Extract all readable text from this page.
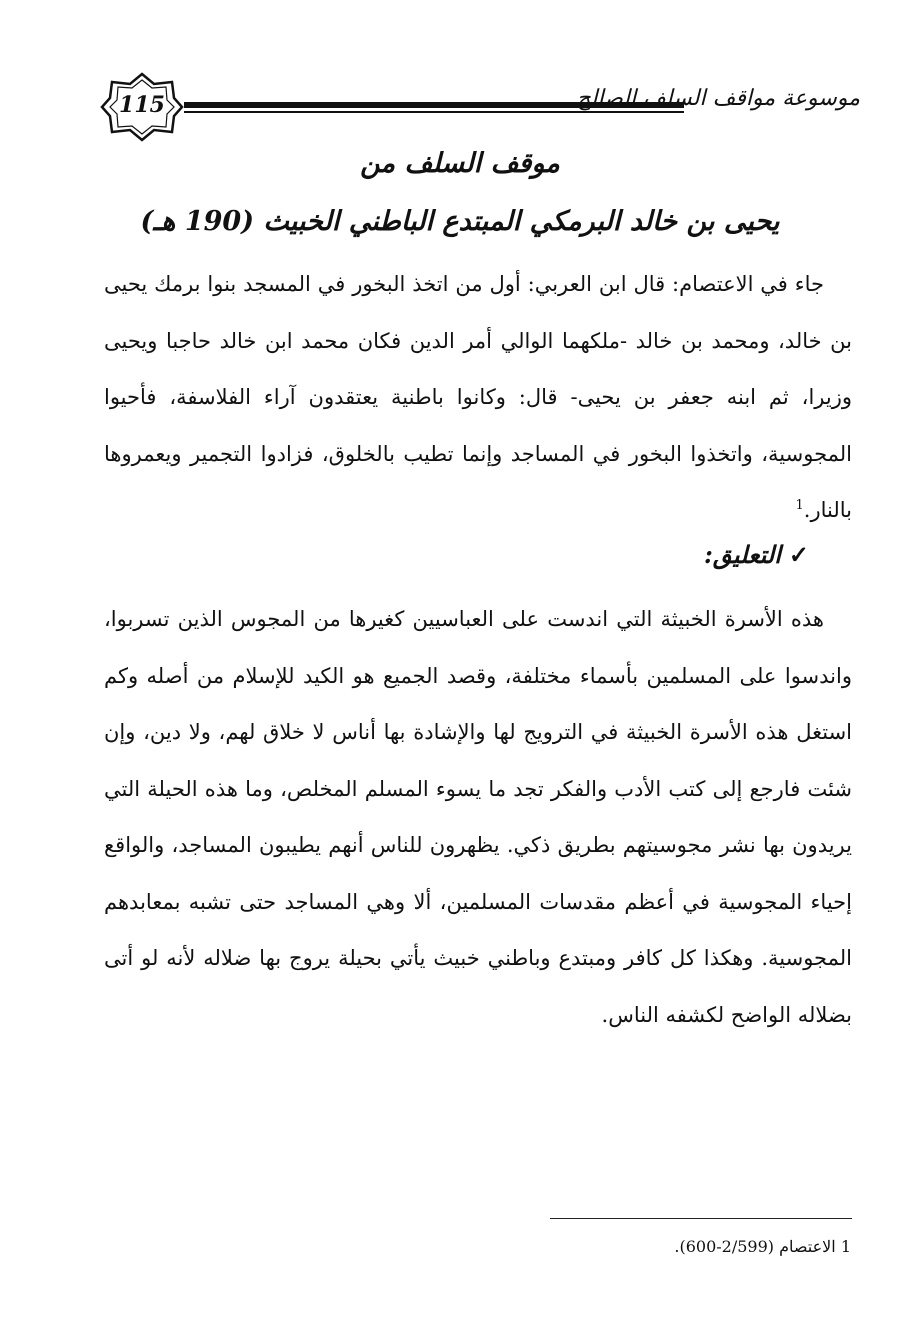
115	موسوعة مواقف السلف الصالح
موقف السلف من
يحيى بن خالد البرمكي المبتدع الباطني الخبيث (190 هـ)
جاء في الاعتصام: قال ابن العربي: أول من اتخذ البخور في المسجد بنوا برمك يحيى بن خالد، ومحمد بن خالد -ملكهما الوالي أمر الدين فكان محمد ابن خالد حاجبا ويحيى وزيرا، ثم ابنه جعفر بن يحيى- قال: وكانوا باطنية يعتقدون آراء الفلاسفة، فأحيوا المجوسية، واتخذوا البخور في المساجد وإنما تطيب بالخلوق، فزادوا التجمير ويعمروها بالنار.$^1$
✓التعليق:
هذه الأسرة الخبيثة التي اندست على العباسيين كغيرها من المجوس الذين تسربوا، واندسوا على المسلمين بأسماء مختلفة، وقصد الجميع هو الكيد للإسلام من أصله وكم استغل هذه الأسرة الخبيثة في الترويج لها والإشادة بها أناس لا خلاق لهم، ولا دين، وإن شئت فارجع إلى كتب الأدب والفكر تجد ما يسوء المسلم المخلص، وما هذه الحيلة التي يريدون بها نشر مجوسيتهم بطريق ذكي. يظهرون للناس أنهم يطيبون المساجد، والواقع إحياء المجوسية في أعظم مقدسات المسلمين، ألا وهي المساجد حتى تشبه بمعابدهم المجوسية. وهكذا كل كافر ومبتدع وباطني خبيث يأتي بحيلة يروج بها ضلاله لأنه لو أتى بضلاله الواضح لكشفه الناس.
1 الاعتصام (2/599-600).
